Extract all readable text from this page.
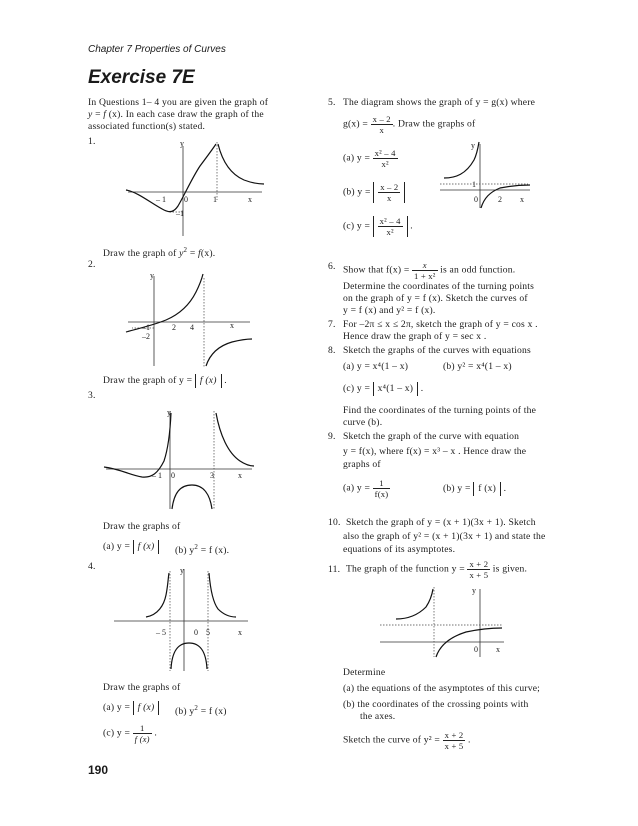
Chapter 7 Properties of Curves
Exercise 7E
In Questions 1– 4 you are given the graph of
y = f (x). In each case draw the graph of the
associated function(s) stated.
1.	y
x
– 1 0	1
–1
Draw the graph of $y^2 = f(x)$.
2.
y
x
–1	2 4
–2
Draw the graph of y = f (x) .
3.
y
x
– 1 0	3
Draw the graphs of
(a) y = f (x)	(b) $y^2 = f$ (x).
4.	y
x
– 5	0 5
Draw the graphs of
(a) y = f (x)	(b) $y^2 = f$ (x)
(c) $y = \frac{1}{f (x)}$ .
5. The diagram shows the graph of y = g(x) where
$g(x) = \frac{x - 2}{x}$ . Draw the graphs of
(a) $y = \frac{\text{x² – 4}}{\text{x²}}$
(b) $y = \frac{x - 2}{x}$
(c) $y = \frac{\text{x² – 4}}{\text{x²}}$ .
y
x
1
0	2
6. Show that $f(x) = \frac{x}{\text{1 + x²}}$ is an odd function.
Determine the coordinates of the turning points
on the graph of y = f (x). Sketch the curves of
y = f (x) and y² = f (x).
7. For –2π ≤ x ≤ 2π, sketch the graph of y = cos x .
Hence draw the graph of y = sec x .
8. Sketch the graphs of the curves with equations
(a) y = x⁴(1 – x)	(b) y² = x⁴(1 – x)
(c) y = x⁴(1 – x) .
Find the coordinates of the turning points of the
curve (b).
9. Sketch the graph of the curve with equation
y = f(x), where f(x) = x³ – x . Hence draw the
graphs of
(a) $y = \frac{1}{f(x)}$	(b) y = f (x) .
10. Sketch the graph of y = (x + 1)(3x + 1). Sketch
also the graph of y² = (x + 1)(3x + 1) and state the
equations of its asymptotes.
11. The graph of the function $y = \frac{x + 2}{x + 5}$ is given.
y
x
0
Determine
(a) the equations of the asymptotes of this curve;
(b) the coordinates of the crossing points with
the axes.
Sketch the curve of $y^2 = \frac{x + 2}{x + 5}$ .
190
